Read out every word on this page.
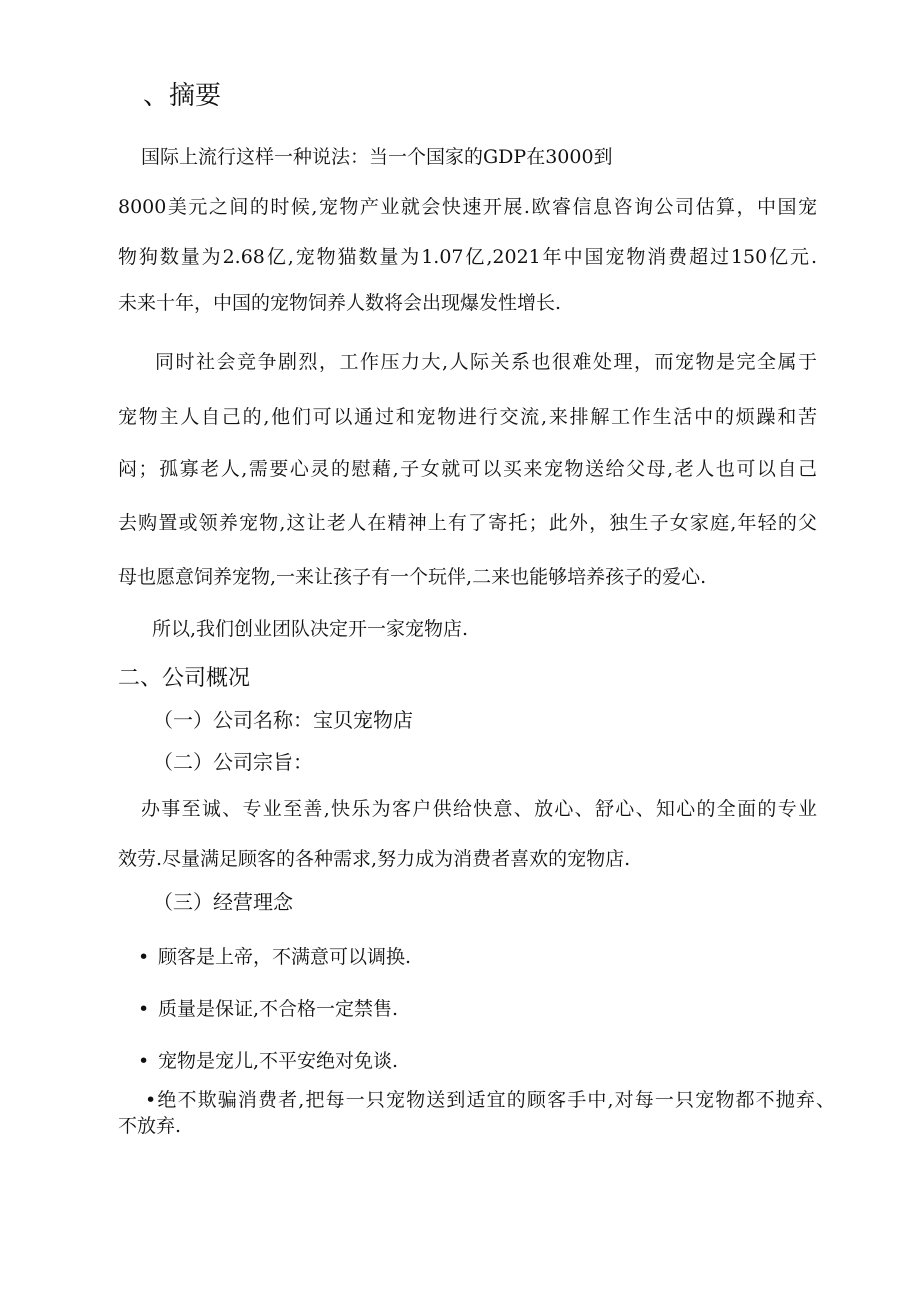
、摘要
国际上流行这样一种说法：当一个国家的GDP在3000到
8000美元之间的时候,宠物产业就会快速开展.欧睿信息咨询公司估算，中国宠
物狗数量为2.68亿,宠物猫数量为1.07亿,2021年中国宠物消费超过150亿元.
未来十年，中国的宠物饲养人数将会出现爆发性增长.
同时社会竞争剧烈，工作压力大,人际关系也很难处理，而宠物是完全属于
宠物主人自己的,他们可以通过和宠物进行交流,来排解工作生活中的烦躁和苦
闷；孤寡老人,需要心灵的慰藉,子女就可以买来宠物送给父母,老人也可以自己
去购置或领养宠物,这让老人在精神上有了寄托；此外，独生子女家庭,年轻的父
母也愿意饲养宠物,一来让孩子有一个玩伴,二来也能够培养孩子的爱心.
所以,我们创业团队决定开一家宠物店.
二、公司概况
（一）公司名称：宝贝宠物店
（二）公司宗旨：
办事至诚、专业至善,快乐为客户供给快意、放心、舒心、知心的全面的专业
效劳.尽量满足顾客的各种需求,努力成为消费者喜欢的宠物店.
（三）经营理念
• 顾客是上帝，不满意可以调换.
• 质量是保证,不合格一定禁售.
• 宠物是宠儿,不平安绝对免谈.
•绝不欺骗消费者,把每一只宠物送到适宜的顾客手中,对每一只宠物都不抛弃、
不放弃.
